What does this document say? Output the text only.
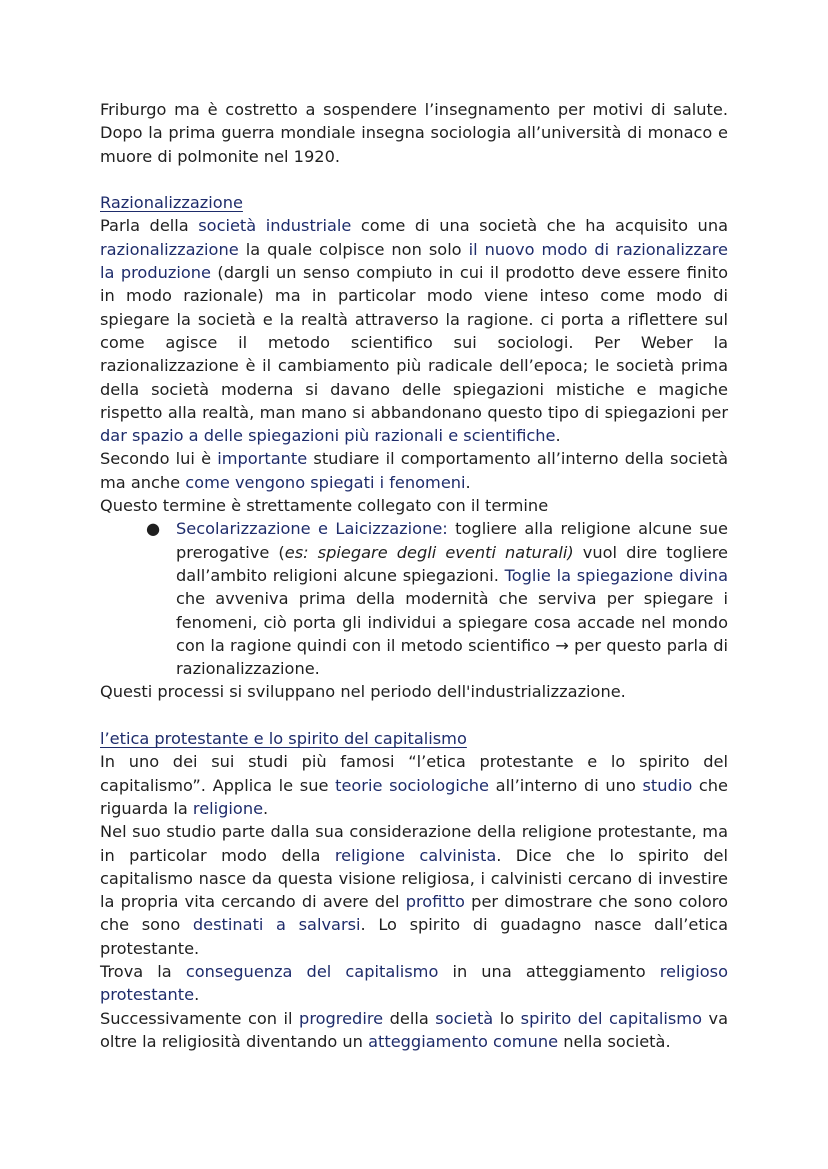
Friburgo ma è costretto a sospendere l’insegnamento per motivi di salute. Dopo la prima guerra mondiale insegna sociologia all’università di monaco e muore di polmonite nel 1920.

Razionalizzazione

Parla della società industriale come di una società che ha acquisito una razionalizzazione la quale colpisce non solo il nuovo modo di razionalizzare la produzione (dargli un senso compiuto in cui il prodotto deve essere finito in modo razionale) ma in particolar modo viene inteso come modo di spiegare la società e la realtà attraverso la ragione. ci porta a riflettere sul come agisce il metodo scientifico sui sociologi. Per Weber la razionalizzazione è il cambiamento più radicale dell’epoca; le società prima della società moderna si davano delle spiegazioni mistiche e magiche rispetto alla realtà, man mano si abbandonano questo tipo di spiegazioni per dar spazio a delle spiegazioni più razionali e scientifiche.

Secondo lui è importante studiare il comportamento all’interno della società ma anche come vengono spiegati i fenomeni.

Questo termine è strettamente collegato con il termine

● Secolarizzazione e Laicizzazione: togliere alla religione alcune sue prerogative (es: spiegare degli eventi naturali) vuol dire togliere dall’ambito religioni alcune spiegazioni. Toglie la spiegazione divina che avveniva prima della modernità che serviva per spiegare i fenomeni, ciò porta gli individui a spiegare cosa accade nel mondo con la ragione quindi con il metodo scientifico → per questo parla di razionalizzazione.

Questi processi si sviluppano nel periodo dell'industrializzazione.

l’etica protestante e lo spirito del capitalismo

In uno dei sui studi più famosi “l’etica protestante e lo spirito del capitalismo”. Applica le sue teorie sociologiche all’interno di uno studio che riguarda la religione.

Nel suo studio parte dalla sua considerazione della religione protestante, ma in particolar modo della religione calvinista. Dice che lo spirito del capitalismo nasce da questa visione religiosa, i calvinisti cercano di investire la propria vita cercando di avere del profitto per dimostrare che sono coloro che sono destinati a salvarsi. Lo spirito di guadagno nasce dall’etica protestante.

Trova la conseguenza del capitalismo in una atteggiamento religioso protestante.

Successivamente con il progredire della società lo spirito del capitalismo va oltre la religiosità diventando un atteggiamento comune nella società.
